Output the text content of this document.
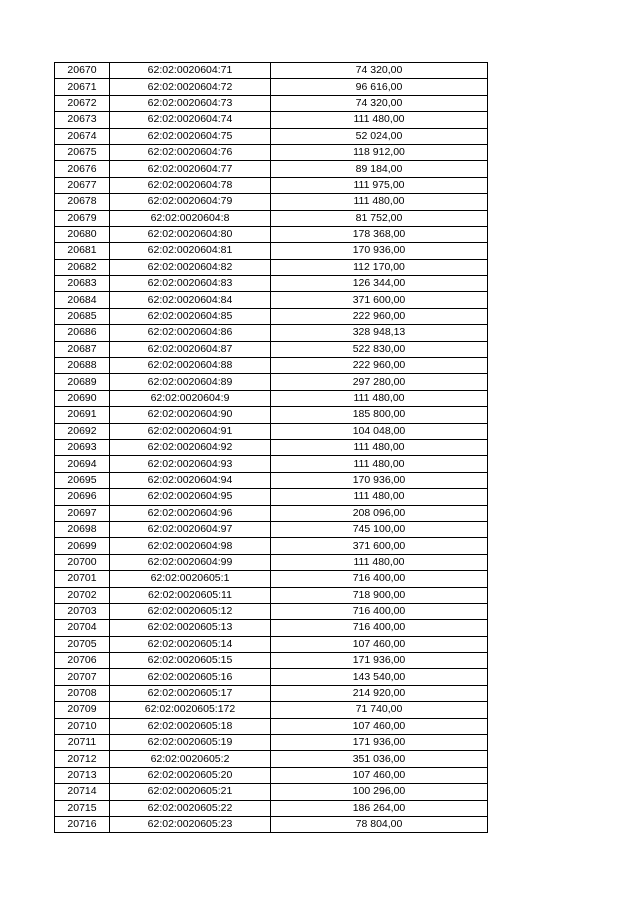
20670	62:02:0020604:71	74 320,00
20671	62:02:0020604:72	96 616,00
20672	62:02:0020604:73	74 320,00
20673	62:02:0020604:74	111 480,00
20674	62:02:0020604:75	52 024,00
20675	62:02:0020604:76	118 912,00
20676	62:02:0020604:77	89 184,00
20677	62:02:0020604:78	111 975,00
20678	62:02:0020604:79	111 480,00
20679	62:02:0020604:8	81 752,00
20680	62:02:0020604:80	178 368,00
20681	62:02:0020604:81	170 936,00
20682	62:02:0020604:82	112 170,00
20683	62:02:0020604:83	126 344,00
20684	62:02:0020604:84	371 600,00
20685	62:02:0020604:85	222 960,00
20686	62:02:0020604:86	328 948,13
20687	62:02:0020604:87	522 830,00
20688	62:02:0020604:88	222 960,00
20689	62:02:0020604:89	297 280,00
20690	62:02:0020604:9	111 480,00
20691	62:02:0020604:90	185 800,00
20692	62:02:0020604:91	104 048,00
20693	62:02:0020604:92	111 480,00
20694	62:02:0020604:93	111 480,00
20695	62:02:0020604:94	170 936,00
20696	62:02:0020604:95	111 480,00
20697	62:02:0020604:96	208 096,00
20698	62:02:0020604:97	745 100,00
20699	62:02:0020604:98	371 600,00
20700	62:02:0020604:99	111 480,00
20701	62:02:0020605:1	716 400,00
20702	62:02:0020605:11	718 900,00
20703	62:02:0020605:12	716 400,00
20704	62:02:0020605:13	716 400,00
20705	62:02:0020605:14	107 460,00
20706	62:02:0020605:15	171 936,00
20707	62:02:0020605:16	143 540,00
20708	62:02:0020605:17	214 920,00
20709	62:02:0020605:172	71 740,00
20710	62:02:0020605:18	107 460,00
20711	62:02:0020605:19	171 936,00
20712	62:02:0020605:2	351 036,00
20713	62:02:0020605:20	107 460,00
20714	62:02:0020605:21	100 296,00
20715	62:02:0020605:22	186 264,00
20716	62:02:0020605:23	78 804,00
